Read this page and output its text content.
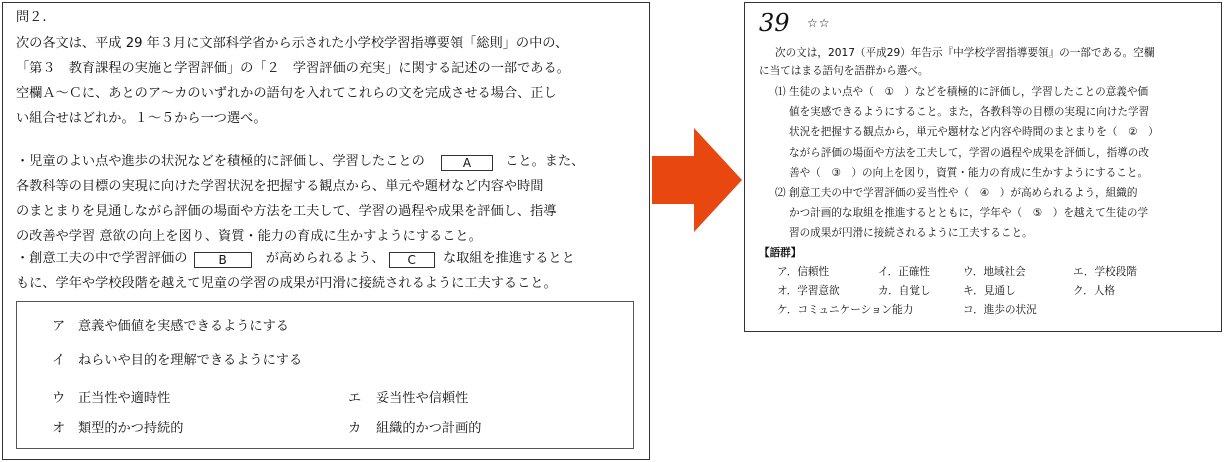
問２.
次の各文は、平成 29 年３月に文部科学省から示された小学校学習指導要領「総則」の中の、
「第３　教育課程の実施と学習評価」の「２　学習評価の充実」に関する記述の一部である。
空欄Ａ～Ｃに、あとのア～カのいずれかの語句を入れてこれらの文を完成させる場合、正し
い組合せはどれか。１～５から一つ選べ。
・児童のよい点や進歩の状況などを積極的に評価し、学習したことの	A	こと。また、
各教科等の目標の実現に向けた学習状況を把握する観点から、単元や題材など内容や時間
のまとまりを見通しながら評価の場面や方法を工夫して、学習の過程や成果を評価し、指導
の改善や学習 意欲の向上を図り、資質・能力の育成に生かすようにすること。
・創意工夫の中で学習評価の	B	が高められるよう、 C な取組を推進するとと
もに、学年や学校段階を越えて児童の学習の成果が円滑に接続されるように工夫すること。
ア 意義や価値を実感できるようにする
イ ねらいや目的を理解できるようにする
ウ 正当性や適時性	エ 妥当性や信頼性
オ 類型的かつ持続的	カ 組織的かつ計画的
39 ☆☆
次の文は，2017（平成29）年告示『中学校学習指導要領』の一部である。空欄
に当てはまる語句を語群から選べ。
⑴ 生徒のよい点や（　①　）などを積極的に評価し，学習したことの意義や価
値を実感できるようにすること。また，各教科等の目標の実現に向けた学習
状況を把握する観点から，単元や題材など内容や時間のまとまりを（　②　）
ながら評価の場面や方法を工夫して，学習の過程や成果を評価し，指導の改
善や（　③　）の向上を図り，資質・能力の育成に生かすようにすること。
⑵ 創意工夫の中で学習評価の妥当性や（　④　）が高められるよう，組織的
かつ計画的な取組を推進するとともに，学年や（　⑤　）を越えて生徒の学
習の成果が円滑に接続されるように工夫すること。
【語群】
ア．信頼性	イ．正確性	ウ．地域社会	エ．学校段階
オ．学習意欲	カ．自覚し	キ．見通し	ク．人格
ケ．コミュニケーション能力	コ．進歩の状況
